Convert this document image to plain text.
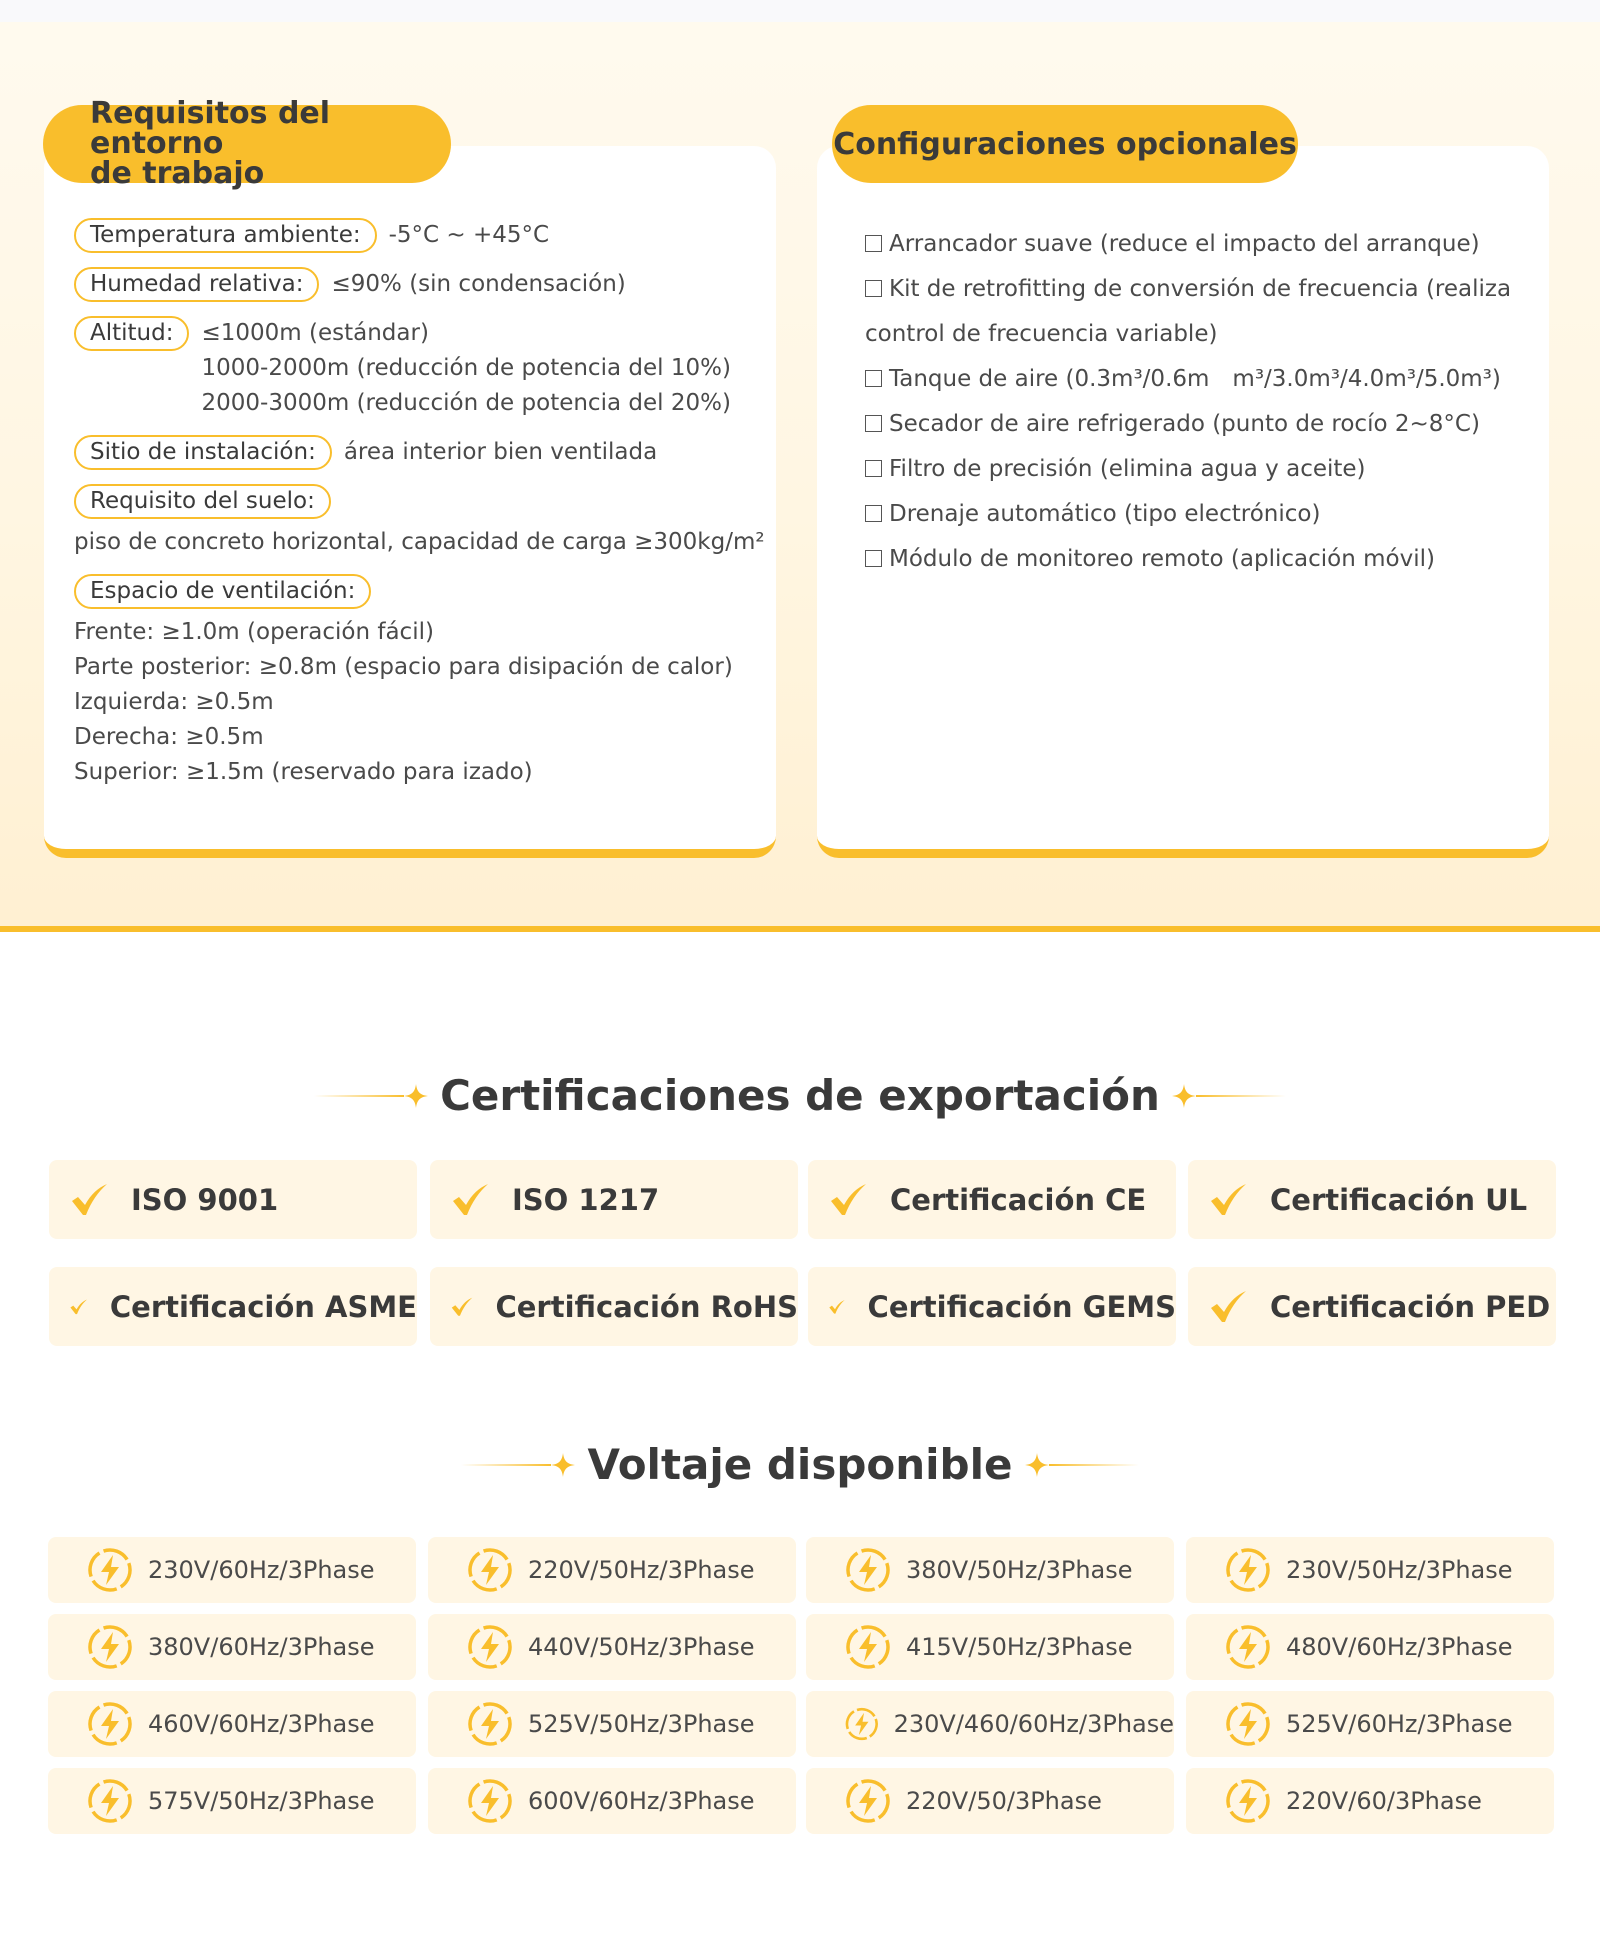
Requisitos del entorno
de trabajo
Temperatura ambiente:	-5°C ~ +45°C
Humedad relativa:	≤90% (sin condensación)
Altitud:	≤1000m (estándar)
1000-2000m (reducción de potencia del 10%)
2000-3000m (reducción de potencia del 20%)
Sitio de instalación:	área interior bien ventilada
Requisito del suelo:
piso de concreto horizontal, capacidad de carga ≥300kg/m²
Espacio de ventilación:
Frente: ≥1.0m (operación fácil)
Parte posterior: ≥0.8m (espacio para disipación de calor)
Izquierda: ≥0.5m
Derecha: ≥0.5m
Superior: ≥1.5m (reservado para izado)
Configuraciones opcionales
Arrancador suave (reduce el impacto del arranque)
Kit de retrofitting de conversión de frecuencia (realiza control de frecuencia variable)
Tanque de aire (0.3m³/0.6m　m³/3.0m³/4.0m³/5.0m³)
Secador de aire refrigerado (punto de rocío 2~8°C)
Filtro de precisión (elimina agua y aceite)
Drenaje automático (tipo electrónico)
Módulo de monitoreo remoto (aplicación móvil)
Certificaciones de exportación
ISO 9001	ISO 1217	Certificación CE	Certificación UL
Certificación ASME	Certificación RoHS Certificación GEMS	Certificación PED
Voltaje disponible
230V/60Hz/3Phase	220V/50Hz/3Phase	380V/50Hz/3Phase	230V/50Hz/3Phase
380V/60Hz/3Phase	440V/50Hz/3Phase	415V/50Hz/3Phase	480V/60Hz/3Phase
460V/60Hz/3Phase	525V/50Hz/3Phase	230V/460/60Hz/3Phase	525V/60Hz/3Phase
575V/50Hz/3Phase	600V/60Hz/3Phase	220V/50/3Phase	220V/60/3Phase
